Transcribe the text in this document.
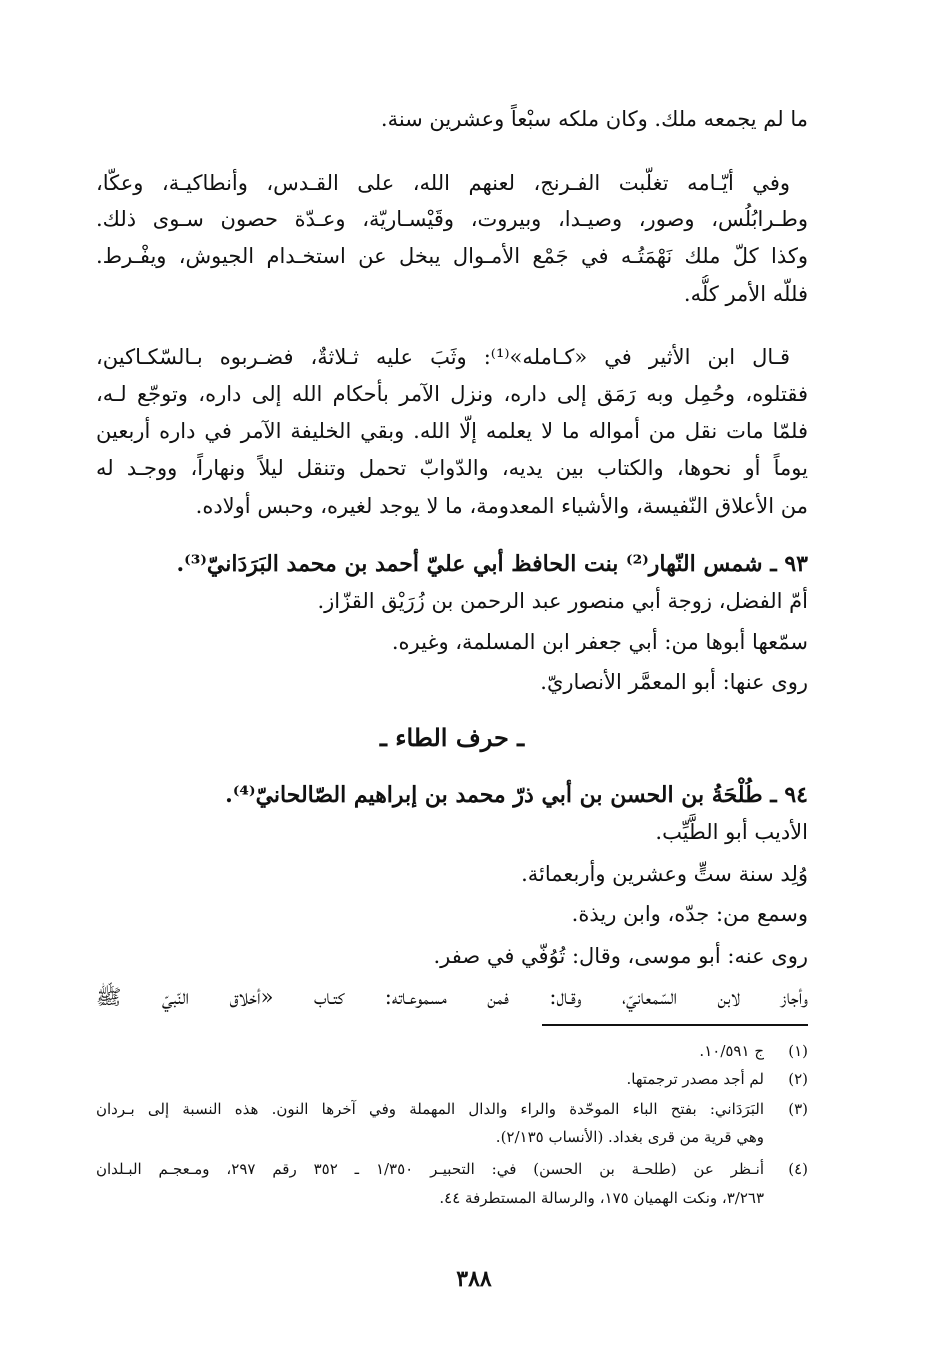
ما لم يجمعه ملك. وكان ملكه سبْعاً وعشرين سنة.
وفي أيّـامه تغلّبت الفـرنج، لعنهم الله، على القـدس، وأنطاكيـة، وعكّا،
وطـرابُلُس، وصور، وصيـدا، وبيروت، وقَيْسـاريّة، وعـدّة حصون سـوى ذلك.
وكذا كلّ ملك نَهْمَتُـه في جَمْع الأمـوال يبخل عن استخـدام الجيوش، ويفْـرط.
فللّه الأمر كلُّه.
قـال ابن الأثير في «كـامله»⁽¹⁾: وثَبَ عليه ثـلاثةٌ، فضـربوه بـالسّكـاكين،
فقتلوه، وحُمِل وبه رَمَق إلى داره، ونزل الآمر بأحكام الله إلى داره، وتوجّع لـه،
فلمّا مات نقل من أمواله ما لا يعلمه إلّا الله. وبقي الخليفة الآمر في داره أربعين
يوماً أو نحوها، والكتاب بين يديه، والدّوابّ تحمل وتنقل ليلاً ونهاراً، ووجـد له
من الأعلاق النّفيسة، والأشياء المعدومة، ما لا يوجد لغيره، وحبس أولاده.
٩٣ ـ شمس النّهار⁽²⁾ بنت الحافظ أبي عليّ أحمد بن محمد البَرَدَانيّ⁽³⁾.
أمّ الفضل، زوجة أبي منصور عبد الرحمن بن زُرَيْق القزّاز.
سمّعها أبوها من: أبي جعفر ابن المسلمة، وغيره.
روى عنها: أبو المعمَّر الأنصاريّ.
ـ حرف الطاء ـ
٩٤ ـ طُلْحَةُ بن الحسن بن أبي ذرّ محمد بن إبراهيم الصّالحانيّ⁽⁴⁾.
الأديب أبو الطَّيِّب.
وُلِد سنة ستٍّ وعشرين وأربعمائة.
وسمع من: جدّه، وابن ريذة.
روى عنه: أبو موسى، وقال: تُوُفّي في صفر.
وأجاز لابن السّمعانيّ، وقـال: فمن مسموعـاته: كتـاب «أخلاق النّبيّ ﷺ
(١)
ج ١٠/٥٩١.
(٢)
لم أجد مصدر ترجمتها.
(٣)
البَرَدَاني: بفتح الباء الموحّدة والراء والدال المهملة وفي آخرها النون. هذه النسبة إلى بـردان
وهي قرية من قرى بغداد. (الأنساب ٢/١٣٥).
(٤)
أنـظر عن (طلحـة بن الحسن) في: التحبيـر ١/٣٥٠ ـ ٣٥٢ رقم ٢٩٧، ومـعجـم البـلدان
٣/٢٦٣، ونكت الهميان ١٧٥، والرسالة المستطرفة ٤٤.
٣٨٨
